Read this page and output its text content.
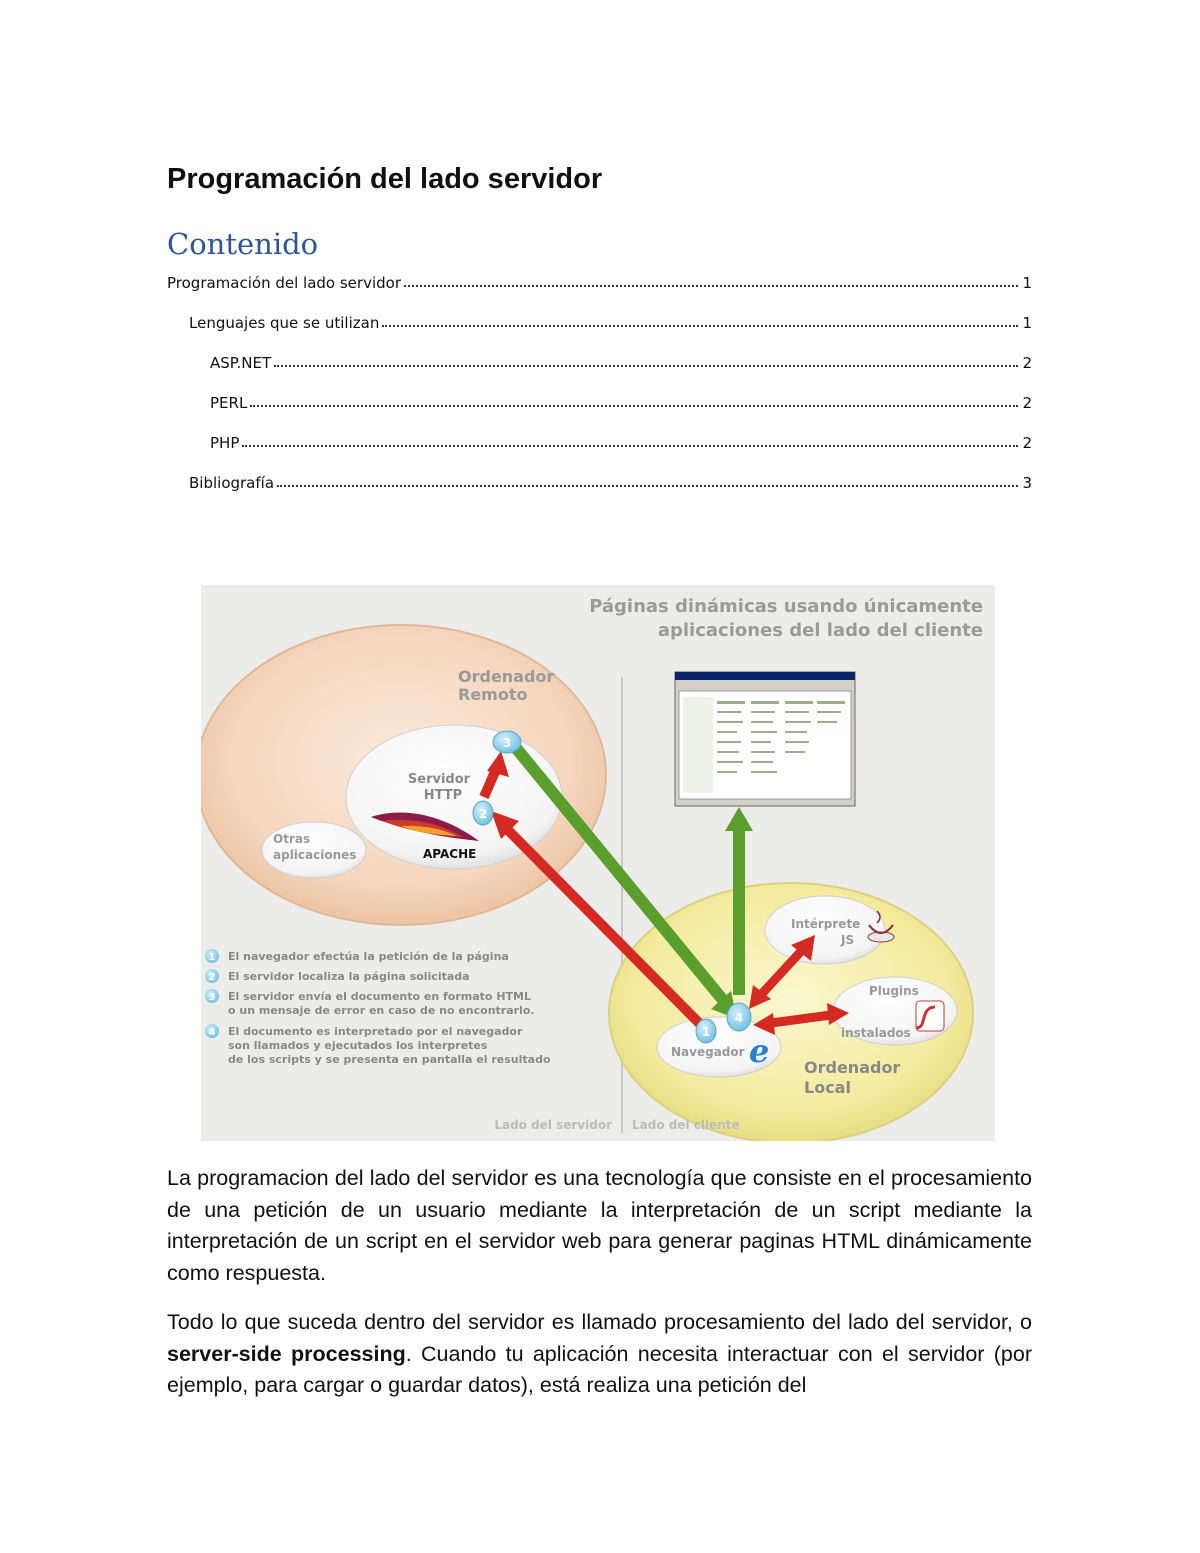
Programación del lado servidor
Contenido
Programación del lado servidor	1
Lenguajes que se utilizan	1
ASP.NET	2
PERL	2
PHP	2
Bibliografía	3
Páginas dinámicas usando únicamente
aplicaciones del lado del cliente
Ordenador
Remoto
Servidor
HTTP
APACHE
Otras
aplicaciones
Ordenador
Local
Intérprete
JS
Plugins
instalados
Navegador e
3
2
1
4
1 El navegador efectúa la petición de la página
2 El servidor localiza la página solicitada
3 El servidor envía el documento en formato HTML
o un mensaje de error en caso de no encontrarlo.
4 El documento es interpretado por el navegador
son llamados y ejecutados los interpretes
de los scripts y se presenta en pantalla el resultado
Lado del servidor Lado del cliente

La programacion del lado del servidor es una tecnología que consiste en el procesamiento de una petición de un usuario mediante la interpretación de un script mediante la interpretación de un script en el servidor web para generar paginas HTML dinámicamente como respuesta.

Todo lo que suceda dentro del servidor es llamado procesamiento del lado del servidor, o server-side processing. Cuando tu aplicación necesita interactuar con el servidor (por ejemplo, para cargar o guardar datos), está realiza una petición del
